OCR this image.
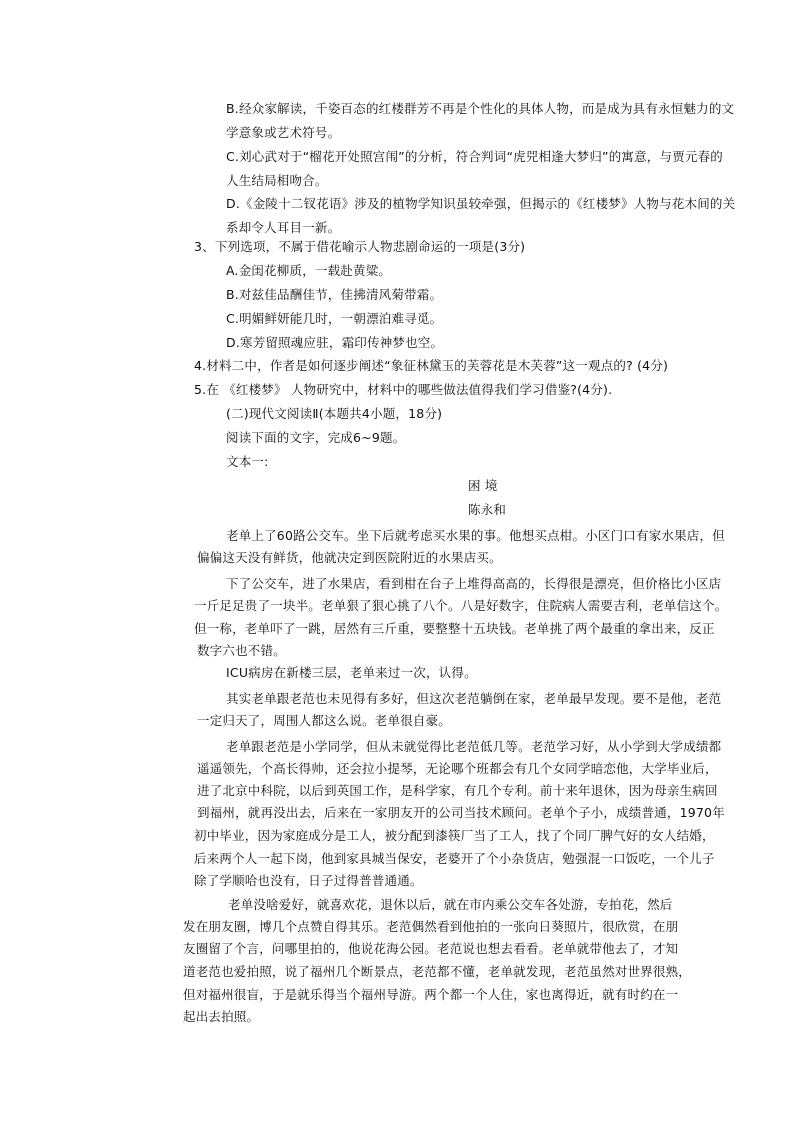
B.经众家解读，千姿百态的红楼群芳不再是个性化的具体人物，而是成为具有永恒魅力的文
学意象或艺术符号。
C.刘心武对于“榴花开处照宫闱”的分析，符合判词“虎兕相逢大梦归”的寓意，与贾元春的
人生结局相吻合。
D.《金陵十二钗花语》涉及的植物学知识虽较牵强，但揭示的《红楼梦》人物与花木间的关
系却令人耳目一新。
3、下列选项，不属于借花喻示人物悲剧命运的一项是(3分)
A.金闺花柳质，一载赴黄粱。
B.对兹佳品酬佳节，佳拂清风菊带霜。
C.明媚鲜妍能几时，一朝漂泊难寻觅。
D.寒芳留照魂应驻，霜印传神梦也空。
4.材料二中，作者是如何逐步阐述“象征林黛玉的芙蓉花是木芙蓉”这一观点的? (4分)
5.在 《红楼梦》 人物研究中，材料中的哪些做法值得我们学习借鉴?(4分).
(二)现代文阅读Ⅱ(本题共4小题，18分)
阅读下面的文字，完成6~9题。
文本一:
困 境
陈永和
老单上了60路公交车。坐下后就考虑买水果的事。他想买点柑。小区门口有家水果店，但
偏偏这天没有鲜货，他就决定到医院附近的水果店买。
下了公交车，进了水果店，看到柑在台子上堆得高高的，长得很是漂亮，但价格比小区店
一斤足足贵了一块半。老单狠了狠心挑了八个。八是好数字，住院病人需要吉利，老单信这个。
但一称，老单吓了一跳，居然有三斤重，要整整十五块钱。老单挑了两个最重的拿出来，反正
数字六也不错。
ICU病房在新楼三层，老单来过一次，认得。
其实老单跟老范也未见得有多好，但这次老范躺倒在家，老单最早发现。要不是他，老范
一定归天了，周围人都这么说。老单很自豪。
老单跟老范是小学同学，但从未就觉得比老范低几等。老范学习好，从小学到大学成绩都
遥遥领先，个高长得帅，还会拉小提琴，无论哪个班都会有几个女同学暗恋他，大学毕业后，
进了北京中科院，以后到英国工作，是科学家，有几个专利。前十来年退休，因为母亲生病回
到福州，就再没出去，后来在一家朋友开的公司当技术顾问。老单个子小，成绩普通，1970年
初中毕业，因为家庭成分是工人，被分配到漆筷厂当了工人，找了个同厂脾气好的女人结婚，
后来两个人一起下岗，他到家具城当保安，老婆开了个小杂货店，勉强混一口饭吃，一个儿子
除了学顺哈也没有，日子过得普普通通。
老单没啥爱好，就喜欢花，退休以后，就在市内乘公交车各处游，专拍花，然后
发在朋友圈，博几个点赞自得其乐。老范偶然看到他拍的一张向日葵照片，很欣赏，在朋
友圈留了个言，问哪里拍的，他说花海公园。老范说也想去看看。老单就带他去了，才知
道老范也爱拍照，说了福州几个断景点，老范都不懂，老单就发现，老范虽然对世界很熟，
但对福州很盲，于是就乐得当个福州导游。两个都一个人住，家也离得近，就有时约在一
起出去拍照。
